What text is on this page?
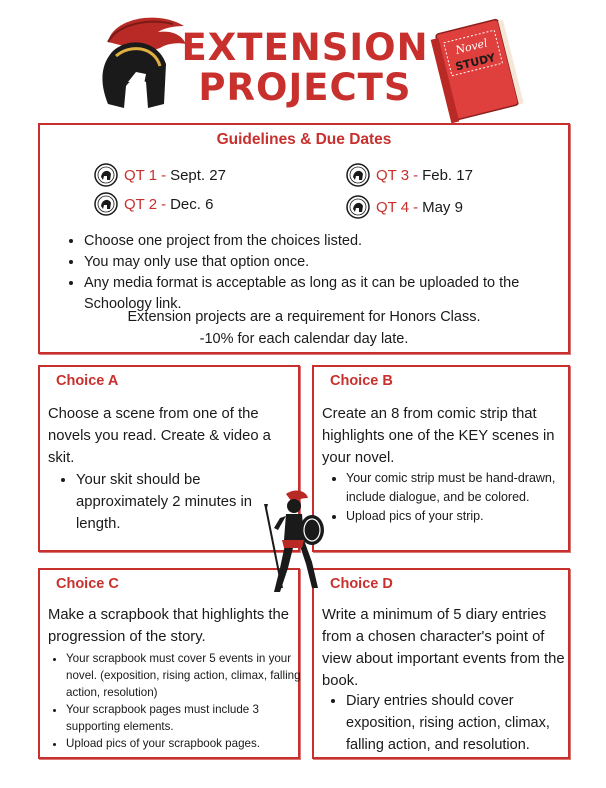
EXTENSION
PROJECTS
Novel
STUDY
Guidelines & Due Dates
QT 1 - Sept. 27
QT 2 - Dec. 6
QT 3 - Feb. 17
QT 4 - May 9
• Choose one project from the choices listed.
• You may only use that option once.
• Any media format is acceptable as long as it can be uploaded to the Schoology link.
Extension projects are a requirement for Honors Class.
-10% for each calendar day late.
Choice A
Choose a scene from one of the novels you read. Create & video a skit.
• Your skit should be approximately 2 minutes in length.
Choice B
Create an 8 from comic strip that highlights one of the KEY scenes in your novel.
• Your comic strip must be hand-drawn, include dialogue, and be colored.
• Upload pics of your strip.
Choice C
Make a scrapbook that highlights the progression of the story.
• Your scrapbook must cover 5 events in your novel. (exposition, rising action, climax, falling action, resolution)
• Your scrapbook pages must include 3 supporting elements.
• Upload pics of your scrapbook pages.
Choice D
Write a minimum of 5 diary entries from a chosen character's point of view about important events from the book.
• Diary entries should cover exposition, rising action, climax, falling action, and resolution.
